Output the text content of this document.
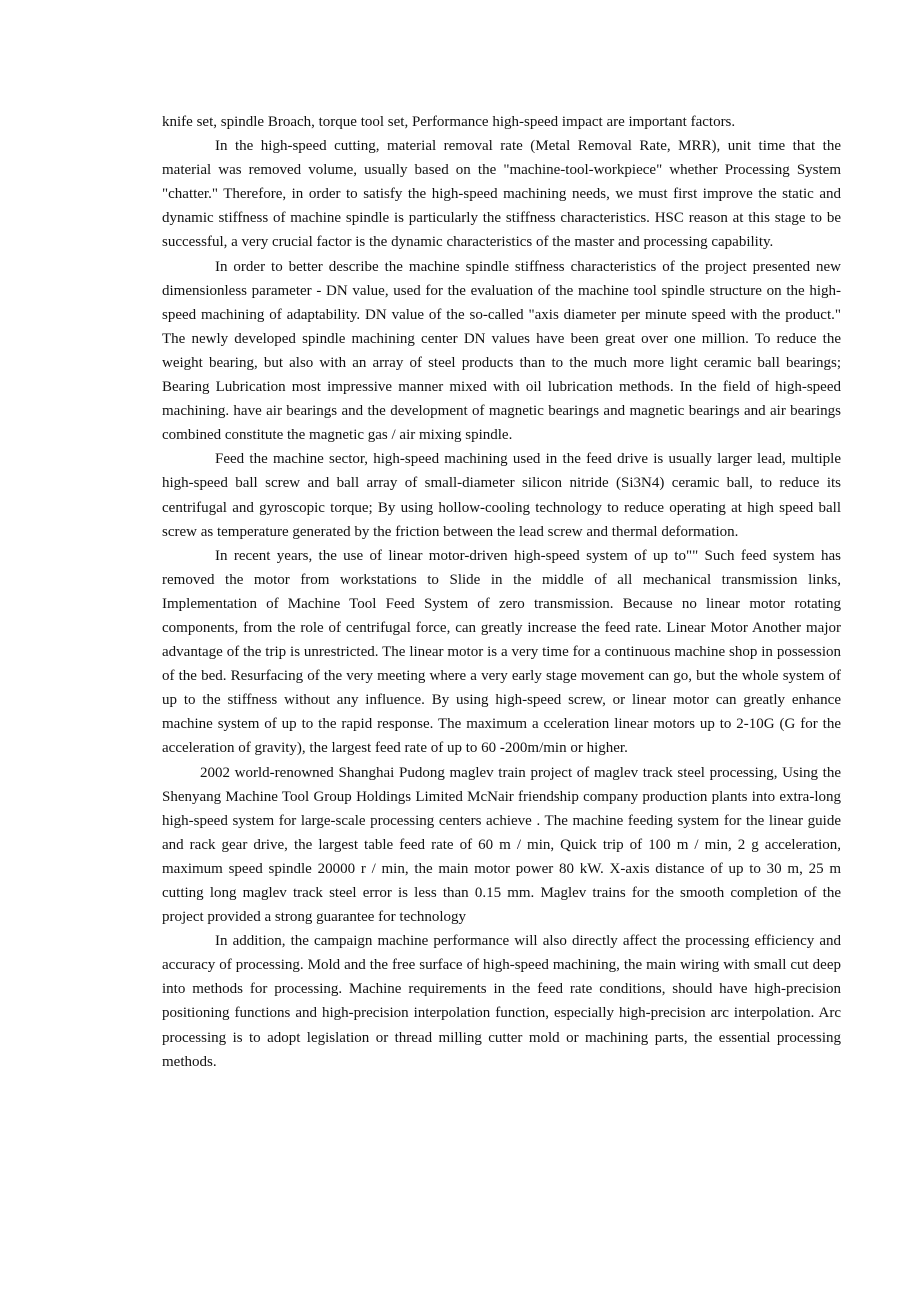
knife set, spindle Broach, torque tool set, Performance high-speed impact are important factors.

In the high-speed cutting, material removal rate (Metal Removal Rate, MRR), unit time that the material was removed volume, usually based on the "machine-tool-workpiece" whether Processing System "chatter." Therefore, in order to satisfy the high-speed machining needs, we must first improve the static and dynamic stiffness of machine spindle is particularly the stiffness characteristics. HSC reason at this stage to be successful, a very crucial factor is the dynamic characteristics of the master and processing capability.

In order to better describe the machine spindle stiffness characteristics of the project presented new dimensionless parameter - DN value, used for the evaluation of the machine tool spindle structure on the high-speed machining of adaptability. DN value of the so-called "axis diameter per minute speed with the product." The newly developed spindle machining center DN values have been great over one million. To reduce the weight bearing, but also with an array of steel products than to the much more light ceramic ball bearings; Bearing Lubrication most impressive manner mixed with oil lubrication methods. In the field of high-speed machining. have air bearings and the development of magnetic bearings and magnetic bearings and air bearings combined constitute the magnetic gas / air mixing spindle.

Feed the machine sector, high-speed machining used in the feed drive is usually larger lead, multiple high-speed ball screw and ball array of small-diameter silicon nitride (Si3N4) ceramic ball, to reduce its centrifugal and gyroscopic torque; By using hollow-cooling technology to reduce operating at high speed ball screw as temperature generated by the friction between the lead screw and thermal deformation.

In recent years, the use of linear motor-driven high-speed system of up to"" Such feed system has removed the motor from workstations to Slide in the middle of all mechanical transmission links, Implementation of Machine Tool Feed System of zero transmission. Because no linear motor rotating components, from the role of centrifugal force, can greatly increase the feed rate. Linear Motor Another major advantage of the trip is unrestricted. The linear motor is a very time for a continuous machine shop in possession of the bed. Resurfacing of the very meeting where a very early stage movement can go, but the whole system of up to the stiffness without any influence. By using high-speed screw, or linear motor can greatly enhance machine system of up to the rapid response. The maximum a cceleration linear motors up to 2-10G (G for the acceleration of gravity), the largest feed rate of up to 60 -200m/min or higher.

2002 world-renowned Shanghai Pudong maglev train project of maglev track steel processing, Using the Shenyang Machine Tool Group Holdings Limited McNair friendship company production plants into extra-long high-speed system for large-scale processing centers achieve . The machine feeding system for the linear guide and rack gear drive, the largest table feed rate of 60 m / min, Quick trip of 100 m / min, 2 g acceleration, maximum speed spindle 20000 r / min, the main motor power 80 kW. X-axis distance of up to 30 m, 25 m cutting long maglev track steel error is less than 0.15 mm. Maglev trains for the smooth completion of the project provided a strong guarantee for technology

In addition, the campaign machine performance will also directly affect the processing efficiency and accuracy of processing. Mold and the free surface of high-speed machining, the main wiring with small cut deep into methods for processing. Machine requirements in the feed rate conditions, should have high-precision positioning functions and high-precision interpolation function, especially high-precision arc interpolation. Arc processing is to adopt legislation or thread milling cutter mold or machining parts, the essential processing methods.
